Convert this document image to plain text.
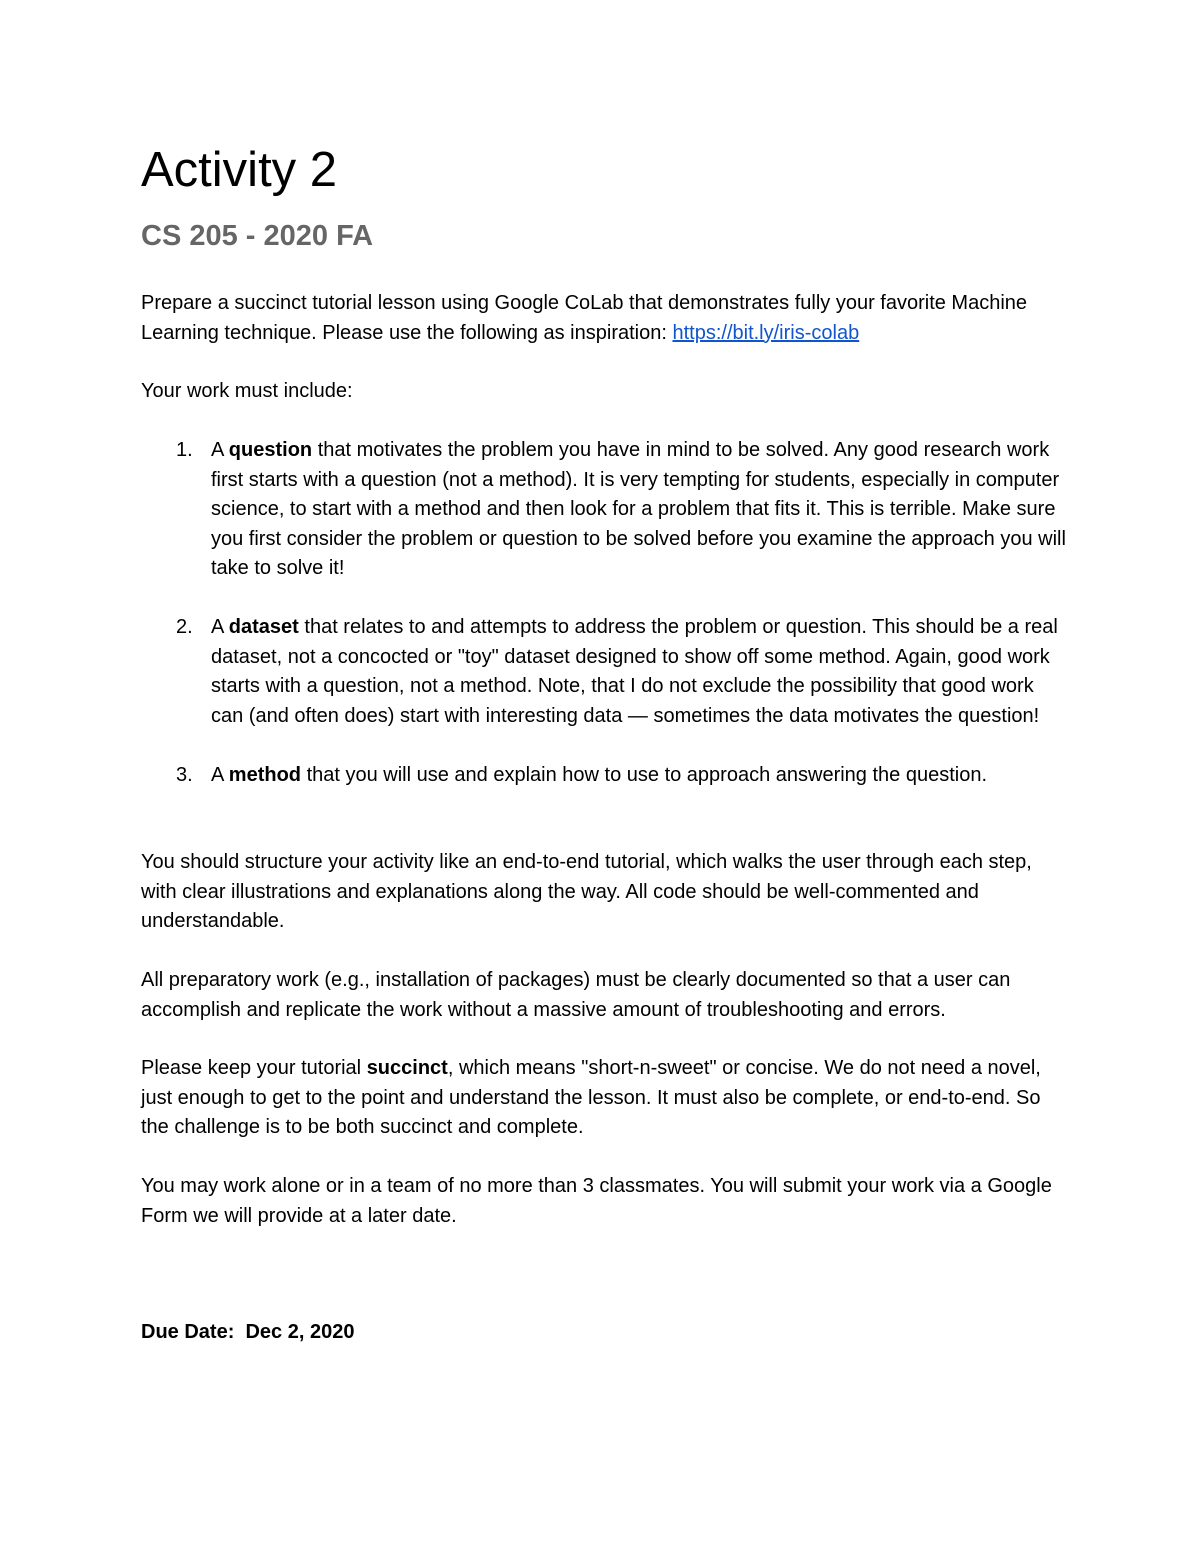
Activity 2
CS 205 - 2020 FA

Prepare a succinct tutorial lesson using Google CoLab that demonstrates fully your favorite Machine Learning technique. Please use the following as inspiration: https://bit.ly/iris-colab

Your work must include:

1. A question that motivates the problem you have in mind to be solved. Any good research work first starts with a question (not a method). It is very tempting for students, especially in computer science, to start with a method and then look for a problem that fits it. This is terrible. Make sure you first consider the problem or question to be solved before you examine the approach you will take to solve it!
2. A dataset that relates to and attempts to address the problem or question. This should be a real dataset, not a concocted or "toy" dataset designed to show off some method. Again, good work starts with a question, not a method. Note, that I do not exclude the possibility that good work can (and often does) start with interesting data — sometimes the data motivates the question!
3. A method that you will use and explain how to use to approach answering the question.

You should structure your activity like an end-to-end tutorial, which walks the user through each step, with clear illustrations and explanations along the way. All code should be well-commented and understandable.

All preparatory work (e.g., installation of packages) must be clearly documented so that a user can accomplish and replicate the work without a massive amount of troubleshooting and errors.

Please keep your tutorial succinct, which means "short-n-sweet" or concise. We do not need a novel, just enough to get to the point and understand the lesson. It must also be complete, or end-to-end. So the challenge is to be both succinct and complete.

You may work alone or in a team of no more than 3 classmates. You will submit your work via a Google Form we will provide at a later date.

Due Date: Dec 2, 2020
